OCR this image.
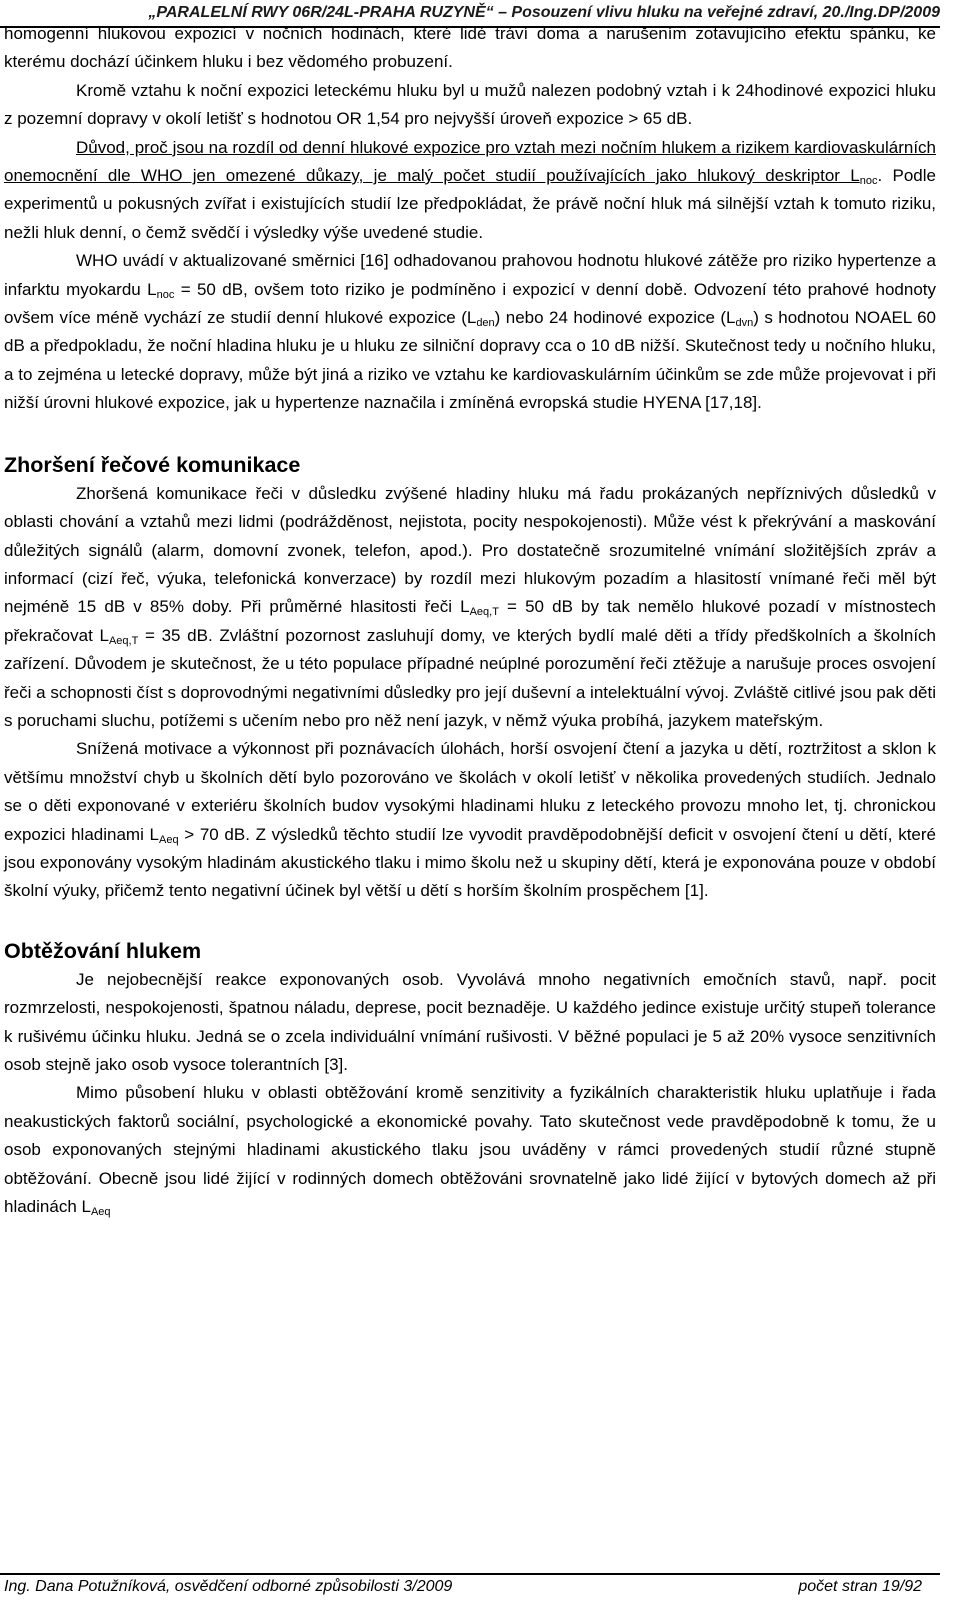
„PARALELNÍ RWY 06R/24L-PRAHA RUZYNĚ“ – Posouzení vlivu hluku na veřejné zdraví, 20./Ing.DP/2009

homogenní hlukovou expozicí v nočních hodinách, které lidé tráví doma a narušením zotavujícího efektu spánku, ke kterému dochází účinkem hluku i bez vědomého probuzení.

Kromě vztahu k noční expozici leteckému hluku byl u mužů nalezen podobný vztah i k 24hodinové expozici hluku z pozemní dopravy v okolí letišť s hodnotou OR 1,54 pro nejvyšší úroveň expozice > 65 dB.

Důvod, proč jsou na rozdíl od denní hlukové expozice pro vztah mezi nočním hlukem a rizikem kardiovaskulárních onemocnění dle WHO jen omezené důkazy, je malý počet studií používajících jako hlukový deskriptor $L_{noc}$. Podle experimentů u pokusných zvířat i existujících studií lze předpokládat, že právě noční hluk má silnější vztah k tomuto riziku, nežli hluk denní, o čemž svědčí i výsledky výše uvedené studie.

WHO uvádí v aktualizované směrnici [16] odhadovanou prahovou hodnotu hlukové zátěže pro riziko hypertenze a infarktu myokardu $L_{noc} = 50$ dB, ovšem toto riziko je podmíněno i expozicí v denní době. Odvození této prahové hodnoty ovšem více méně vychází ze studií denní hlukové expozice $(L_{den})$ nebo 24 hodinové expozice $(L_{dvn})$ s hodnotou NOAEL 60 dB a předpokladu, že noční hladina hluku je u hluku ze silniční dopravy cca o 10 dB nižší. Skutečnost tedy u nočního hluku, a to zejména u letecké dopravy, může být jiná a riziko ve vztahu ke kardiovaskulárním účinkům se zde může projevovat i při nižší úrovni hlukové expozice, jak u hypertenze naznačila i zmíněná evropská studie HYENA [17,18].

Zhoršení řečové komunikace

Zhoršená komunikace řeči v důsledku zvýšené hladiny hluku má řadu prokázaných nepříznivých důsledků v oblasti chování a vztahů mezi lidmi (podrážděnost, nejistota, pocity nespokojenosti). Může vést k překrývání a maskování důležitých signálů (alarm, domovní zvonek, telefon, apod.). Pro dostatečně srozumitelné vnímání složitějších zpráv a informací (cizí řeč, výuka, telefonická konverzace) by rozdíl mezi hlukovým pozadím a hlasitostí vnímané řeči měl být nejméně 15 dB v 85% doby. Při průměrné hlasitosti řeči $L_{Aeq,T} = 50$ dB by tak nemělo hlukové pozadí v místnostech překračovat $L_{Aeq,T} = 35$ dB. Zvláštní pozornost zasluhují domy, ve kterých bydlí malé děti a třídy předškolních a školních zařízení. Důvodem je skutečnost, že u této populace případné neúplné porozumění řeči ztěžuje a narušuje proces osvojení řeči a schopnosti číst s doprovodnými negativními důsledky pro její duševní a intelektuální vývoj. Zvláště citlivé jsou pak děti s poruchami sluchu, potížemi s učením nebo pro něž není jazyk, v němž výuka probíhá, jazykem mateřským.

Snížená motivace a výkonnost při poznávacích úlohách, horší osvojení čtení a jazyka u dětí, roztržitost a sklon k většímu množství chyb u školních dětí bylo pozorováno ve školách v okolí letišť v několika provedených studiích. Jednalo se o děti exponované v exteriéru školních budov vysokými hladinami hluku z leteckého provozu mnoho let, tj. chronickou expozici hladinami $L_{Aeq} > 70$ dB. Z výsledků těchto studií lze vyvodit pravděpodobnější deficit v osvojení čtení u dětí, které jsou exponovány vysokým hladinám akustického tlaku i mimo školu než u skupiny dětí, která je exponována pouze v období školní výuky, přičemž tento negativní účinek byl větší u dětí s horším školním prospěchem [1].

Obtěžování hlukem

Je nejobecnější reakce exponovaných osob. Vyvolává mnoho negativních emočních stavů, např. pocit rozmrzelosti, nespokojenosti, špatnou náladu, deprese, pocit beznaděje. U každého jedince existuje určitý stupeň tolerance k rušivému účinku hluku. Jedná se o zcela individuální vnímání rušivosti. V běžné populaci je 5 až 20% vysoce senzitivních osob stejně jako osob vysoce tolerantních [3].

Mimo působení hluku v oblasti obtěžování kromě senzitivity a fyzikálních charakteristik hluku uplatňuje i řada neakustických faktorů sociální, psychologické a ekonomické povahy. Tato skutečnost vede pravděpodobně k tomu, že u osob exponovaných stejnými hladinami akustického tlaku jsou uváděny v rámci provedených studií různé stupně obtěžování. Obecně jsou lidé žijící v rodinných domech obtěžováni srovnatelně jako lidé žijící v bytových domech až při hladinách $L_{Aeq}$

Ing. Dana Potužníková, osvědčení odborné způsobilosti 3/2009	počet stran 19/92
